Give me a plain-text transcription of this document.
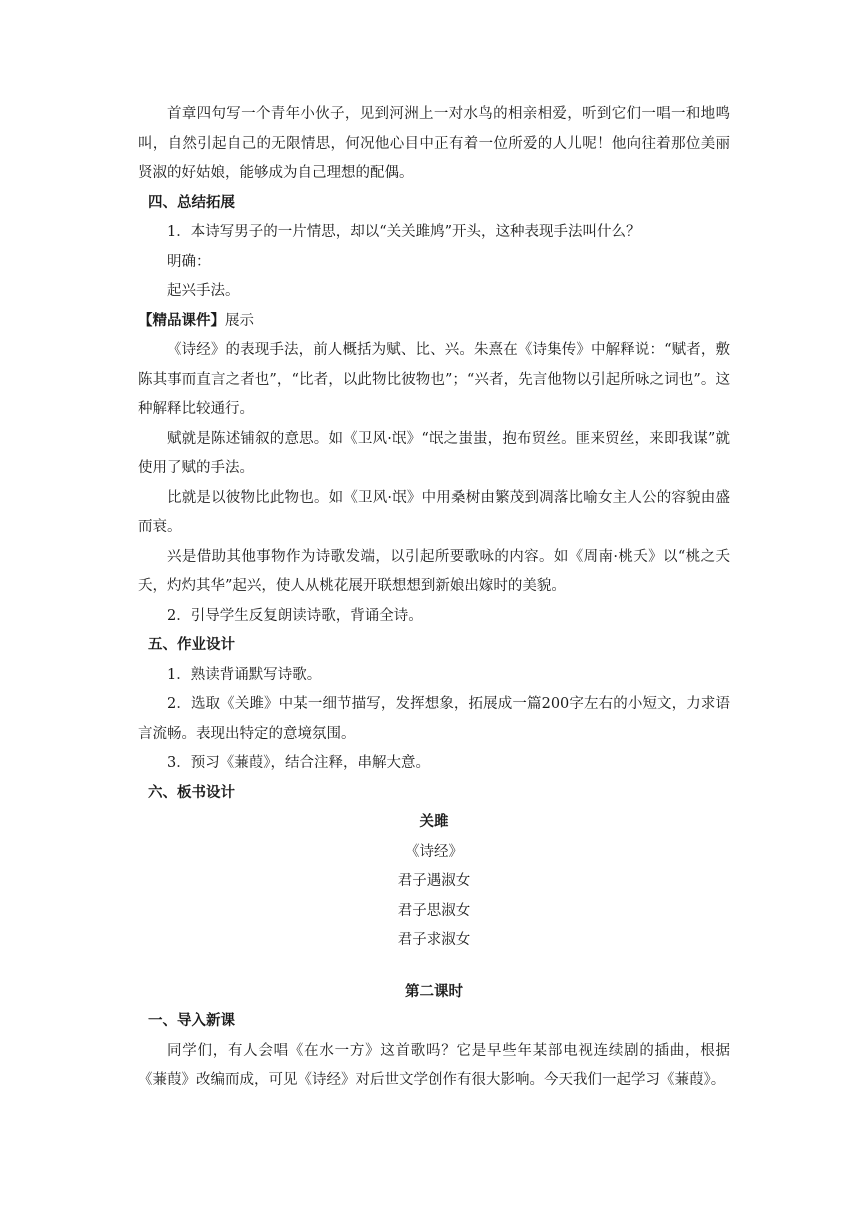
首章四句写一个青年小伙子，见到河洲上一对水鸟的相亲相爱，听到它们一唱一和地鸣叫，自然引起自己的无限情思，何况他心目中正有着一位所爱的人儿呢！他向往着那位美丽贤淑的好姑娘，能够成为自己理想的配偶。

四、总结拓展

1．本诗写男子的一片情思，却以“关关雎鸠”开头，这种表现手法叫什么？

明确：

起兴手法。

【精品课件】展示

《诗经》的表现手法，前人概括为赋、比、兴。朱熹在《诗集传》中解释说：“赋者，敷陈其事而直言之者也”，“比者，以此物比彼物也”；“兴者，先言他物以引起所咏之词也”。这种解释比较通行。

赋就是陈述铺叙的意思。如《卫风·氓》“氓之蚩蚩，抱布贸丝。匪来贸丝，来即我谋”就使用了赋的手法。

比就是以彼物比此物也。如《卫风·氓》中用桑树由繁茂到凋落比喻女主人公的容貌由盛而衰。

兴是借助其他事物作为诗歌发端，以引起所要歌咏的内容。如《周南·桃夭》以“桃之夭夭，灼灼其华”起兴，使人从桃花展开联想想到新娘出嫁时的美貌。

2．引导学生反复朗读诗歌，背诵全诗。

五、作业设计

1．熟读背诵默写诗歌。

2．选取《关雎》中某一细节描写，发挥想象，拓展成一篇200字左右的小短文，力求语言流畅。表现出特定的意境氛围。

3．预习《蒹葭》，结合注释，串解大意。

六、板书设计

关雎

《诗经》

君子遇淑女

君子思淑女

君子求淑女

第二课时

一、导入新课

同学们，有人会唱《在水一方》这首歌吗？它是早些年某部电视连续剧的插曲，根据《蒹葭》改编而成，可见《诗经》对后世文学创作有很大影响。今天我们一起学习《蒹葭》。
